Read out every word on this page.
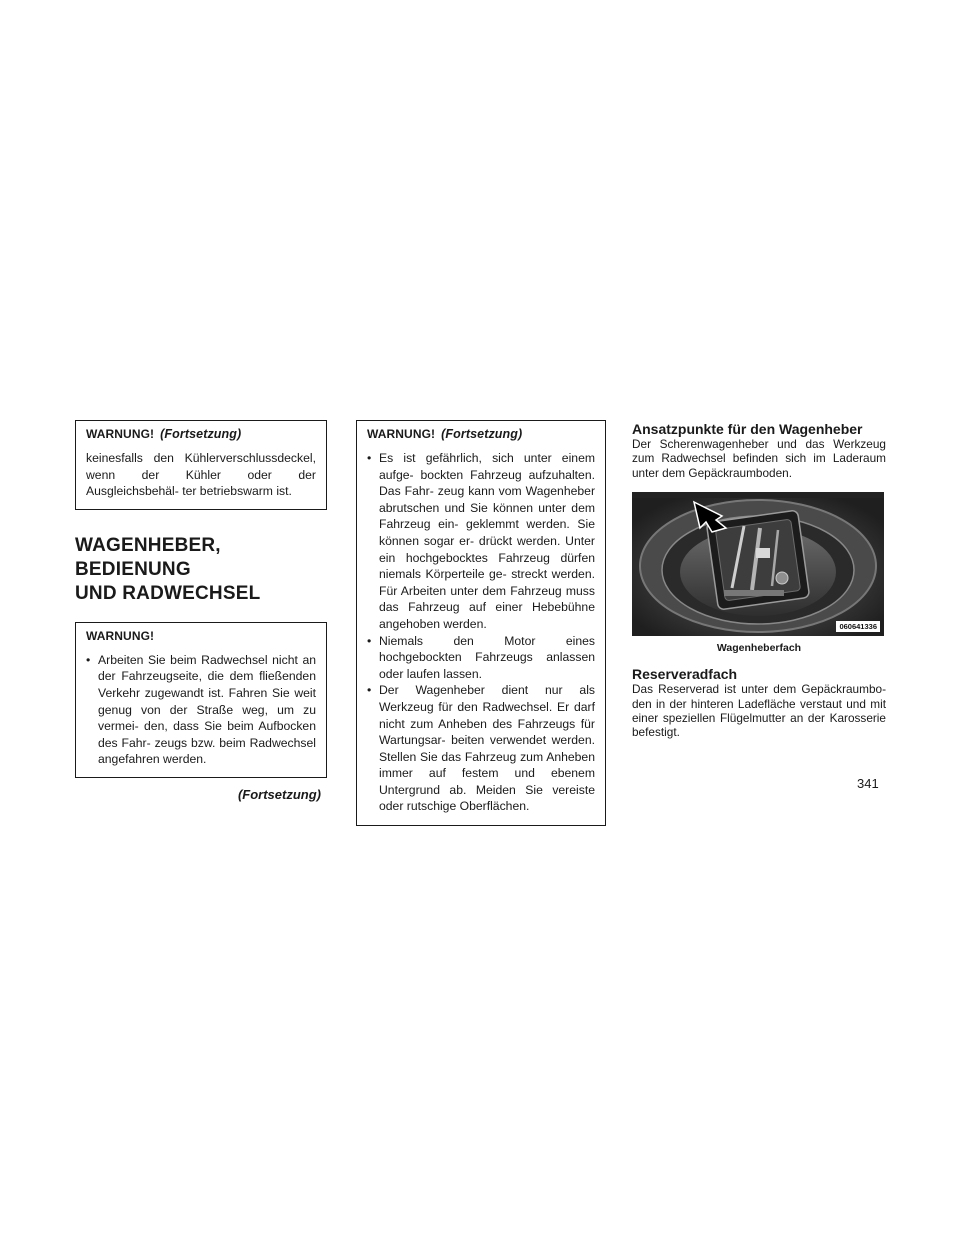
WARNUNG! (Fortsetzung)

keinesfalls den Kühlerverschlussdeckel, wenn der Kühler oder der Ausgleichsbehäl- ter betriebswarm ist.

WAGENHEBER, BEDIENUNG
UND RADWECHSEL
WARNUNG!
• Arbeiten Sie beim Radwechsel nicht an der Fahrzeugseite, die dem fließenden Verkehr zugewandt ist. Fahren Sie weit genug von der Straße weg, um zu vermei- den, dass Sie beim Aufbocken des Fahr- zeugs bzw. beim Radwechsel angefahren werden.
(Fortsetzung)
WARNUNG! (Fortsetzung)
• Es ist gefährlich, sich unter einem aufge- bockten Fahrzeug aufzuhalten. Das Fahr- zeug kann vom Wagenheber abrutschen und Sie können unter dem Fahrzeug ein- geklemmt werden. Sie können sogar er- drückt werden. Unter ein hochgebocktes Fahrzeug dürfen niemals Körperteile ge- streckt werden. Für Arbeiten unter dem Fahrzeug muss das Fahrzeug auf einer Hebebühne angehoben werden.
• Niemals den Motor eines hochgebockten Fahrzeugs anlassen oder laufen lassen.
• Der Wagenheber dient nur als Werkzeug für den Radwechsel. Er darf nicht zum Anheben des Fahrzeugs für Wartungsar- beiten verwendet werden. Stellen Sie das Fahrzeug zum Anheben immer auf festem und ebenem Untergrund ab. Meiden Sie vereiste oder rutschige Oberflächen.
Ansatzpunkte für den Wagenheber

Der Scherenwagenheber und das Werkzeug zum Radwechsel befinden sich im Laderaum unter dem Gepäckraumboden.

060641336
Wagenheberfach
Reserveradfach

Das Reserverad ist unter dem Gepäckraumbo- den in der hinteren Ladefläche verstaut und mit einer speziellen Flügelmutter an der Karosserie befestigt.

341
